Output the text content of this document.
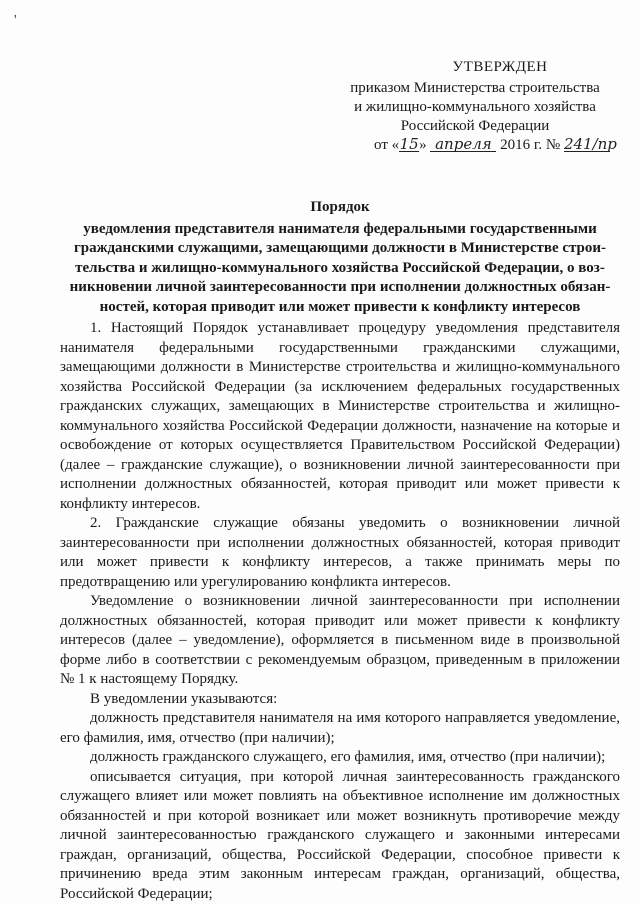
'
УТВЕРЖДЕН
приказом Министерства строительства
и жилищно-коммунального хозяйства
Российской Федерации
от «15» апреля 2016 г. № 241/пр
Порядок
уведомления представителя нанимателя федеральными государственными
гражданскими служащими, замещающими должности в Министерстве строи-
тельства и жилищно-коммунального хозяйства Российской Федерации, о воз-
никновении личной заинтересованности при исполнении должностных обязан-
ностей, которая приводит или может привести к конфликту интересов

1. Настоящий Порядок устанавливает процедуру уведомления представителя нанимателя федеральными государственными гражданскими служащими, замещающими должности в Министерстве строительства и жилищно-коммунального хозяйства Российской Федерации (за исключением федеральных государственных гражданских служащих, замещающих в Министерстве строительства и жилищно-коммунального хозяйства Российской Федерации должности, назначение на которые и освобождение от которых осуществляется Правительством Российской Федерации) (далее – гражданские служащие), о возникновении личной заинтересованности при исполнении должностных обязанностей, которая приводит или может привести к конфликту интересов.

2. Гражданские служащие обязаны уведомить о возникновении личной заинтересованности при исполнении должностных обязанностей, которая приводит или может привести к конфликту интересов, а также принимать меры по предотвращению или урегулированию конфликта интересов.

Уведомление о возникновении личной заинтересованности при исполнении должностных обязанностей, которая приводит или может привести к конфликту интересов (далее – уведомление), оформляется в письменном виде в произвольной форме либо в соответствии с рекомендуемым образцом, приведенным в приложении № 1 к настоящему Порядку.

В уведомлении указываются:

должность представителя нанимателя на имя которого направляется уведомление, его фамилия, имя, отчество (при наличии);

должность гражданского служащего, его фамилия, имя, отчество (при наличии);

описывается ситуация, при которой личная заинтересованность гражданского служащего влияет или может повлиять на объективное исполнение им должностных обязанностей и при которой возникает или может возникнуть противоречие между личной заинтересованностью гражданского служащего и законными интересами граждан, организаций, общества, Российской Федерации, способное привести к причинению вреда этим законным интересам граждан, организаций, общества, Российской Федерации;
